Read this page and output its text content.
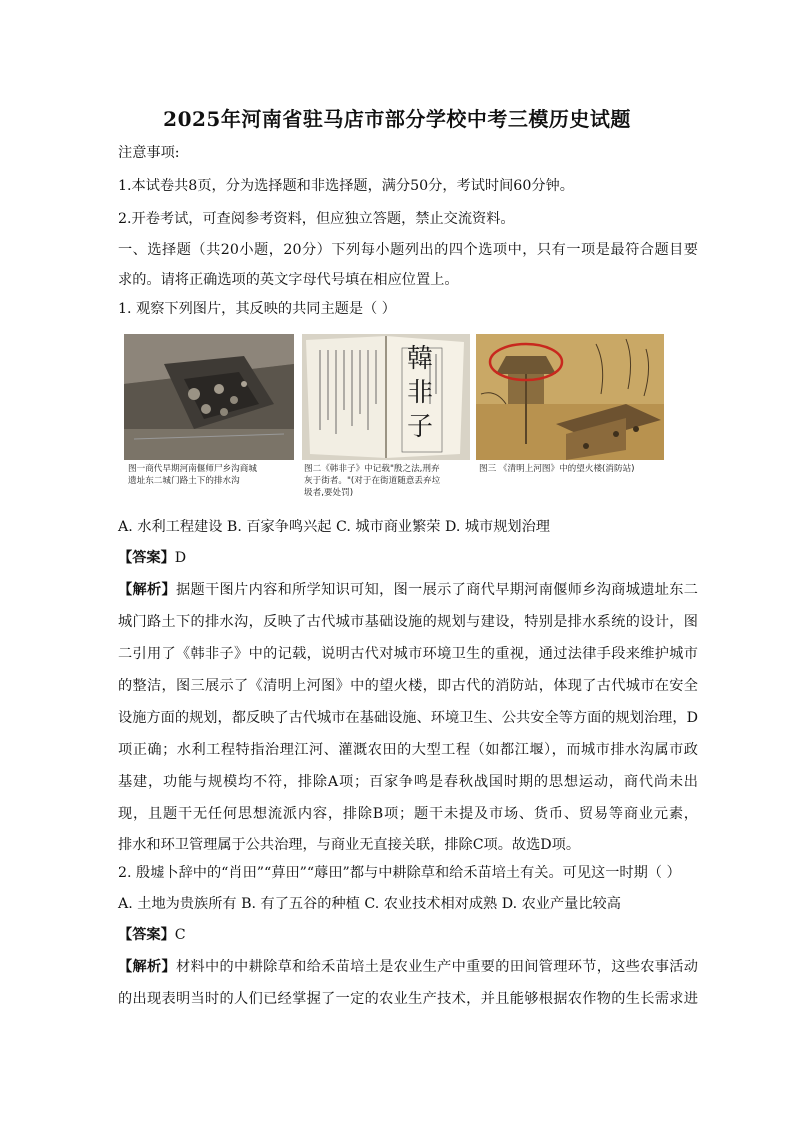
2025年河南省驻马店市部分学校中考三模历史试题
注意事项:
1.本试卷共8页，分为选择题和非选择题，满分50分，考试时间60分钟。
2.开卷考试，可查阅参考资料，但应独立答题，禁止交流资料。
一、选择题（共20小题，20分）下列每小题列出的四个选项中，只有一项是最符合题目要
求的。请将正确选项的英文字母代号填在相应位置上。
1. 观察下列图片，其反映的共同主题是（ ）
韓非子
图一商代早期河南偃师尸乡沟商城
遗址东二城门路土下的排水沟
图二《韩非子》中记载"殷之法,刑弃
灰于街者。"(对于在街道随意丢弃垃
圾者,要处罚)
图三 《清明上河图》中的望火楼(消防站)
A. 水利工程建设 B. 百家争鸣兴起 C. 城市商业繁荣 D. 城市规划治理
【答案】D
【解析】据题干图片内容和所学知识可知，图一展示了商代早期河南偃师乡沟商城遗址东二
城门路土下的排水沟，反映了古代城市基础设施的规划与建设，特别是排水系统的设计，图
二引用了《韩非子》中的记载，说明古代对城市环境卫生的重视，通过法律手段来维护城市
的整洁，图三展示了《清明上河图》中的望火楼，即古代的消防站，体现了古代城市在安全
设施方面的规划，都反映了古代城市在基础设施、环境卫生、公共安全等方面的规划治理，D
项正确；水利工程特指治理江河、灌溉农田的大型工程（如都江堰），而城市排水沟属市政
基建，功能与规模均不符，排除A项；百家争鸣是春秋战国时期的思想运动，商代尚未出
现，且题干无任何思想流派内容，排除B项；题干未提及市场、货币、贸易等商业元素，
排水和环卫管理属于公共治理，与商业无直接关联，排除C项。故选D项。
2. 殷墟卜辞中的“肖田”“萛田”“蓐田”都与中耕除草和给禾苗培土有关。可见这一时期（ ）
A. 土地为贵族所有 B. 有了五谷的种植 C. 农业技术相对成熟 D. 农业产量比较高
【答案】C
【解析】材料中的中耕除草和给禾苗培土是农业生产中重要的田间管理环节，这些农事活动
的出现表明当时的人们已经掌握了一定的农业生产技术，并且能够根据农作物的生长需求进
